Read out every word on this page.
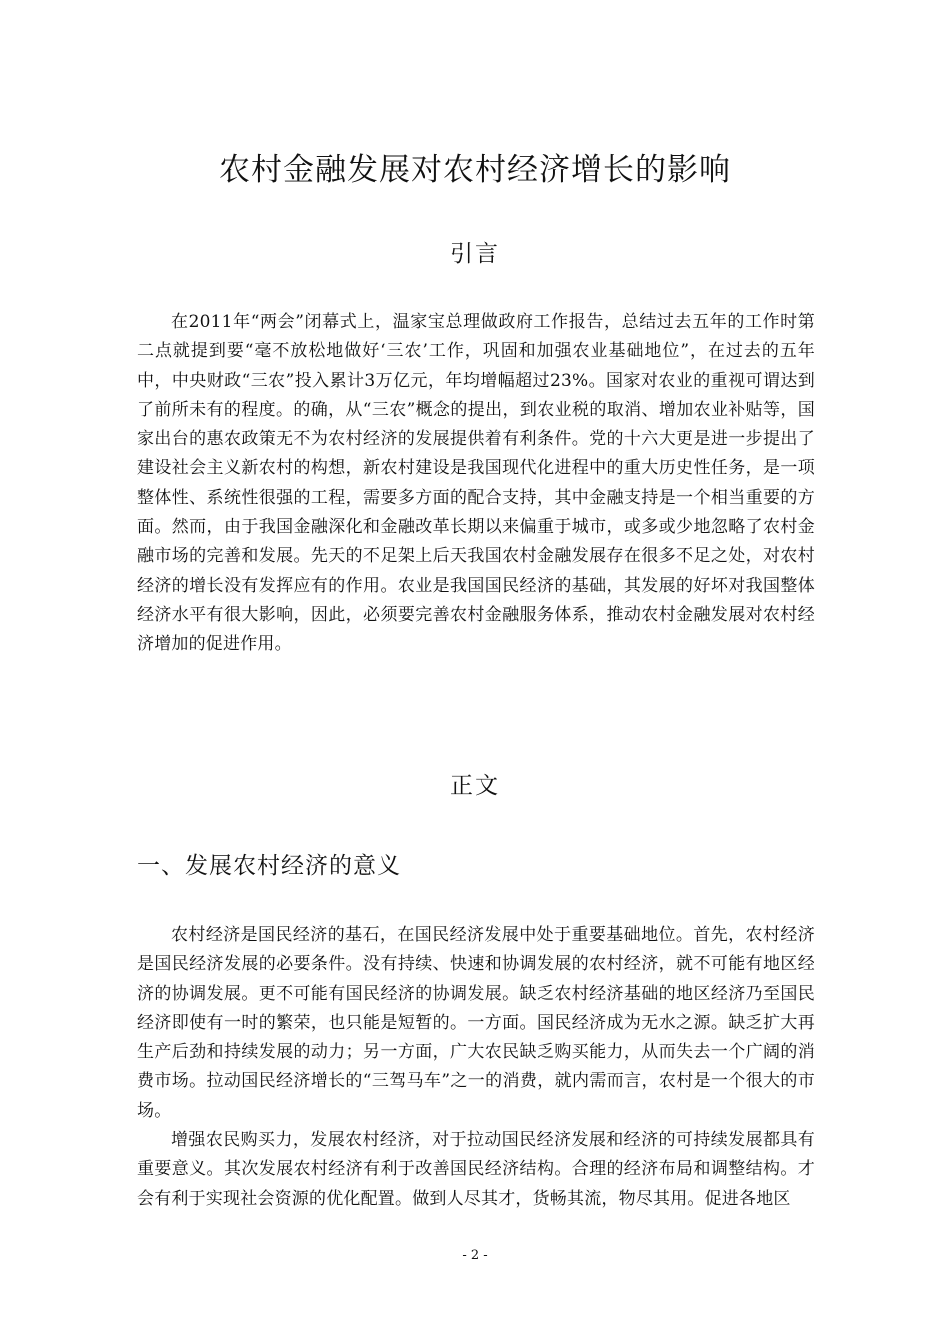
农村金融发展对农村经济增长的影响
引言

在2011年“两会”闭幕式上，温家宝总理做政府工作报告，总结过去五年的工作时第二点就提到要“毫不放松地做好‘三农’工作，巩固和加强农业基础地位”，在过去的五年中，中央财政“三农”投入累计3万亿元，年均增幅超过23%。国家对农业的重视可谓达到了前所未有的程度。的确，从“三农”概念的提出，到农业税的取消、增加农业补贴等，国家出台的惠农政策无不为农村经济的发展提供着有利条件。党的十六大更是进一步提出了建设社会主义新农村的构想，新农村建设是我国现代化进程中的重大历史性任务，是一项整体性、系统性很强的工程，需要多方面的配合支持，其中金融支持是一个相当重要的方面。然而，由于我国金融深化和金融改革长期以来偏重于城市，或多或少地忽略了农村金融市场的完善和发展。先天的不足架上后天我国农村金融发展存在很多不足之处，对农村经济的增长没有发挥应有的作用。农业是我国国民经济的基础，其发展的好坏对我国整体经济水平有很大影响，因此，必须要完善农村金融服务体系，推动农村金融发展对农村经济增加的促进作用。

正文
一、发展农村经济的意义

农村经济是国民经济的基石，在国民经济发展中处于重要基础地位。首先，农村经济是国民经济发展的必要条件。没有持续、快速和协调发展的农村经济，就不可能有地区经济的协调发展。更不可能有国民经济的协调发展。缺乏农村经济基础的地区经济乃至国民经济即使有一时的繁荣，也只能是短暂的。一方面。国民经济成为无水之源。缺乏扩大再生产后劲和持续发展的动力；另一方面，广大农民缺乏购买能力，从而失去一个广阔的消费市场。拉动国民经济增长的“三驾马车”之一的消费，就内需而言，农村是一个很大的市场。

增强农民购买力，发展农村经济，对于拉动国民经济发展和经济的可持续发展都具有重要意义。其次发展农村经济有利于改善国民经济结构。合理的经济布局和调整结构。才会有利于实现社会资源的优化配置。做到人尽其才，货畅其流，物尽其用。促进各地区

- 2 -
